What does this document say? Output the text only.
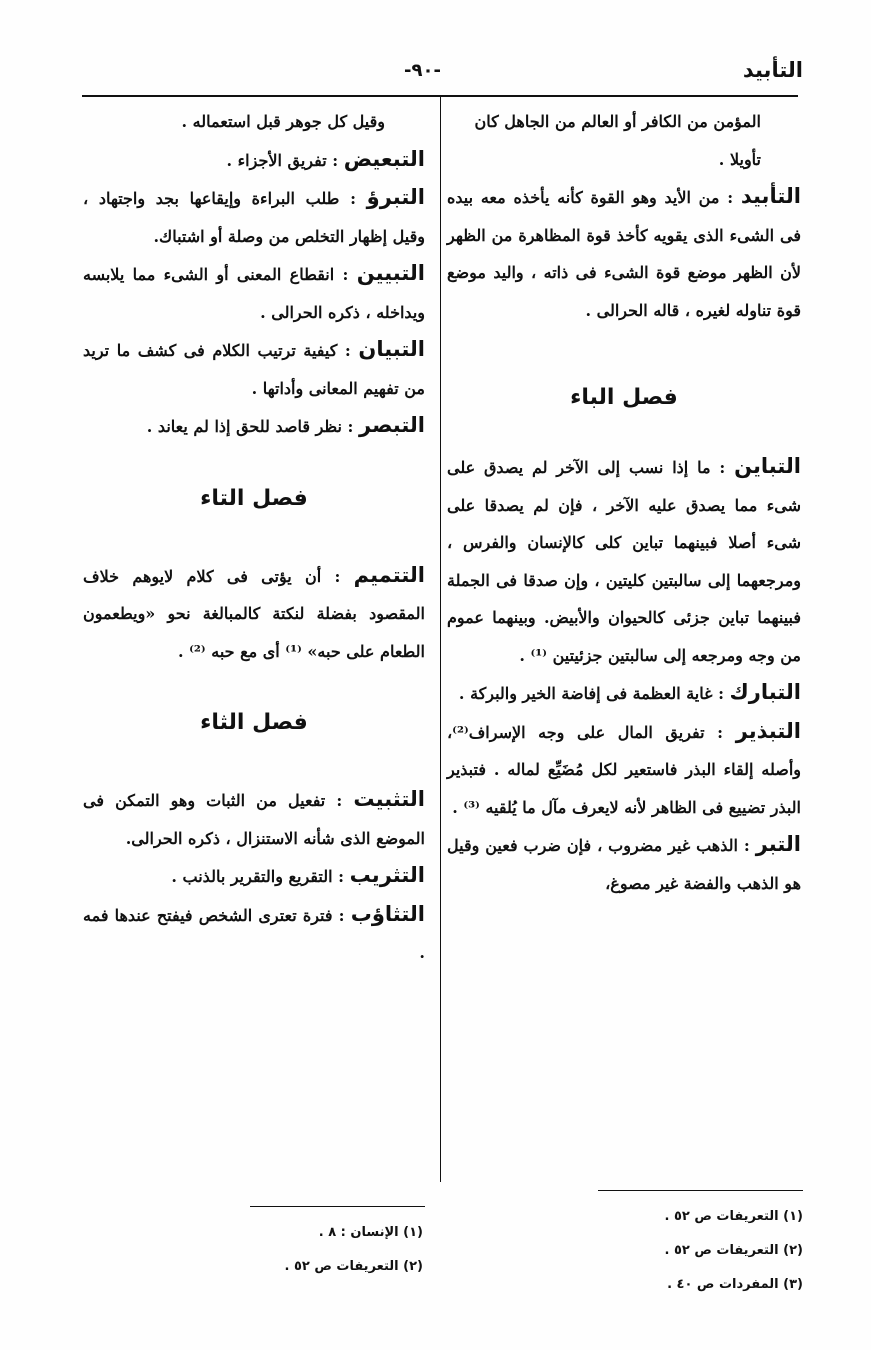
التأبيد
-٩٠-

المؤمن من الكافر أو العالم من الجاهل كان

تأويلا .

التأبيد : من الأيد وهو القوة كأنه يأخذه معه بيده فى الشىء الذى يقويه كأخذ قوة المظاهرة من الظهر لأن الظهر موضع قوة الشىء فى ذاته ، واليد موضع قوة تناوله لغيره ، قاله الحرالى .

فصل الباء

التباين : ما إذا نسب إلى الآخر لم يصدق على شىء مما يصدق عليه الآخر ، فإن لم يصدقا على شىء أصلا فبينهما تباين كلى كالإنسان والفرس ، ومرجعهما إلى سالبتين كليتين ، وإن صدقا فى الجملة فبينهما تباين جزئى كالحيوان والأبيض. وبينهما عموم من وجه ومرجعه إلى سالبتين جزئيتين ⁽¹⁾ .

التبارك : غاية العظمة فى إفاضة الخير والبركة .

التبذير : تفريق المال على وجه الإسراف⁽²⁾، وأصله إلقاء البذر فاستعير لكل مُضَيِّع لماله . فتبذير البذر تضييع فى الظاهر لأنه لايعرف مآل ما يُلقيه ⁽³⁾ .

التبر : الذهب غير مضروب ، فإن ضرب فعين وقيل هو الذهب والفضة غير مصوغ،

(١) التعريفات ص ٥٢ .

(٢) التعريفات ص ٥٢ .

(٣) المفردات ص ٤٠ .

وقيل كل جوهر قبل استعماله .

التبعيض : تفريق الأجزاء .

التبرؤ : طلب البراءة وإيقاعها بجد واجتهاد ، وقيل إظهار التخلص من وصلة أو اشتباك.

التبيين : انقطاع المعنى أو الشىء مما يلابسه ويداخله ، ذكره الحرالى .

التبيان : كيفية ترتيب الكلام فى كشف ما تريد من تفهيم المعانى وأداتها .

التبصر : نظر قاصد للحق إذا لم يعاند .

فصل التاء

التتميم : أن يؤتى فى كلام لايوهم خلاف المقصود بفضلة لنكتة كالمبالغة نحو «ويطعمون الطعام على حبه» ⁽¹⁾ أى مع حبه ⁽²⁾ .

فصل الثاء

التثبيت : تفعيل من الثبات وهو التمكن فى الموضع الذى شأنه الاستنزال ، ذكره الحرالى.

التثريب : التقريع والتقرير بالذنب .

التثاؤب : فترة تعترى الشخص فيفتح عندها فمه .

(١) الإنسان : ٨ .

(٢) التعريفات ص ٥٢ .
